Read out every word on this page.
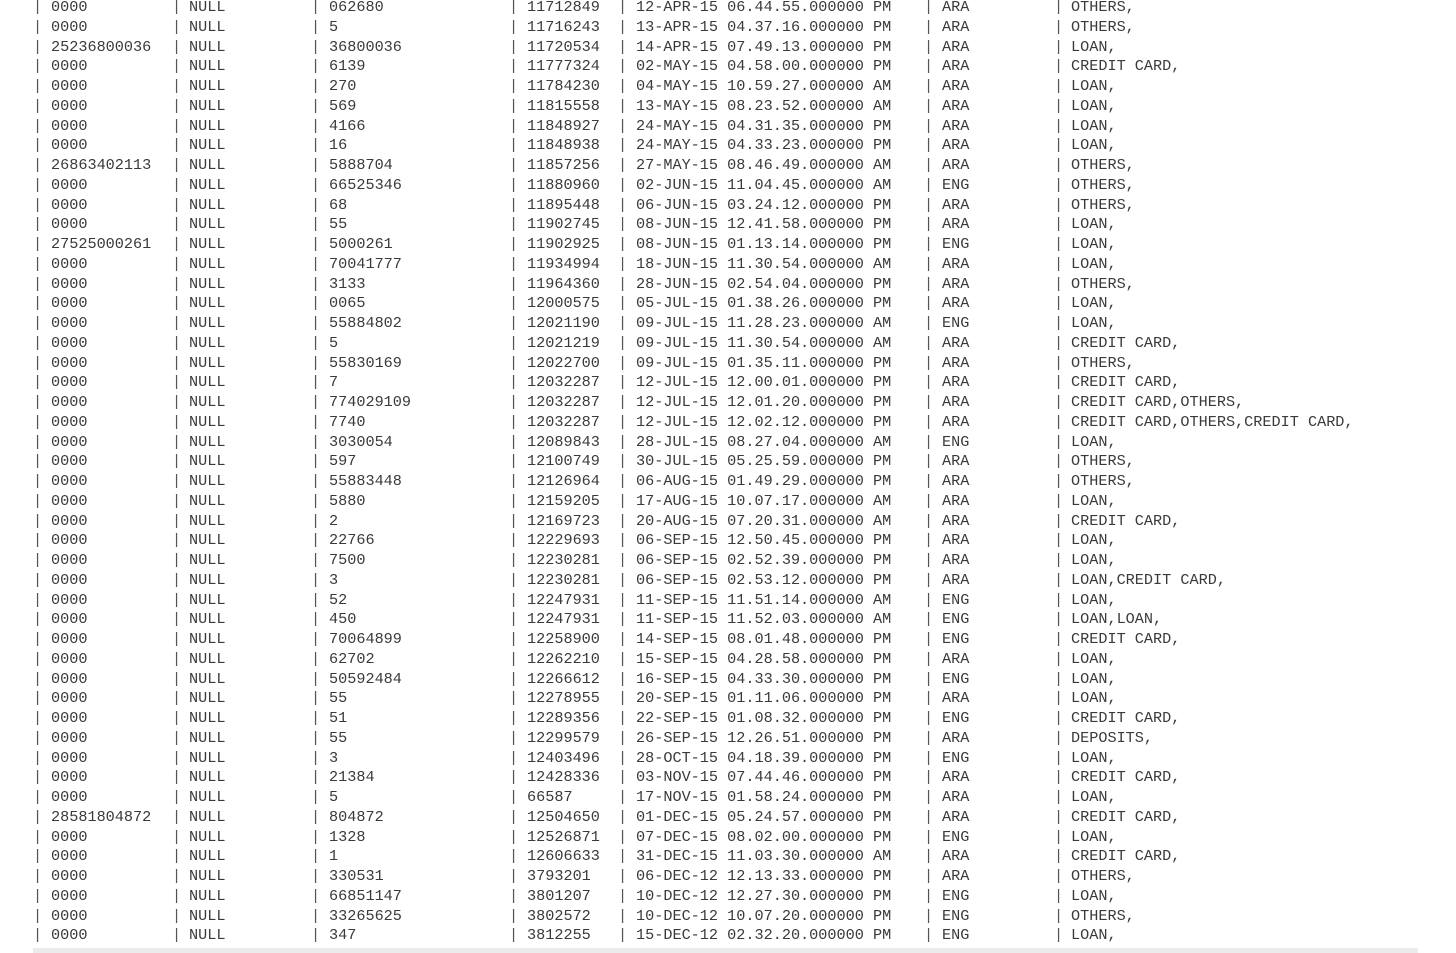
| 0000	| NULL	| 062680	| 11712849 | 12-APR-15 06.44.55.000000 PM | ARA	| OTHERS,
| 0000	| NULL	| 5	| 11716243 | 13-APR-15 04.37.16.000000 PM | ARA	| OTHERS,
| 25236800036 | NULL	| 36800036	| 11720534 | 14-APR-15 07.49.13.000000 PM | ARA	| LOAN,
| 0000	| NULL	| 6139	| 11777324 | 02-MAY-15 04.58.00.000000 PM | ARA	| CREDIT CARD,
| 0000	| NULL	| 270	| 11784230 | 04-MAY-15 10.59.27.000000 AM | ARA	| LOAN,
| 0000	| NULL	| 569	| 11815558 | 13-MAY-15 08.23.52.000000 AM | ARA	| LOAN,
| 0000	| NULL	| 4166	| 11848927 | 24-MAY-15 04.31.35.000000 PM | ARA	| LOAN,
| 0000	| NULL	| 16	| 11848938 | 24-MAY-15 04.33.23.000000 PM | ARA	| LOAN,
| 26863402113 | NULL	| 5888704	| 11857256 | 27-MAY-15 08.46.49.000000 AM | ARA	| OTHERS,
| 0000	| NULL	| 66525346	| 11880960 | 02-JUN-15 11.04.45.000000 AM | ENG	| OTHERS,
| 0000	| NULL	| 68	| 11895448 | 06-JUN-15 03.24.12.000000 PM | ARA	| OTHERS,
| 0000	| NULL	| 55	| 11902745 | 08-JUN-15 12.41.58.000000 PM | ARA	| LOAN,
| 27525000261 | NULL	| 5000261	| 11902925 | 08-JUN-15 01.13.14.000000 PM | ENG	| LOAN,
| 0000	| NULL	| 70041777	| 11934994 | 18-JUN-15 11.30.54.000000 AM | ARA	| LOAN,
| 0000	| NULL	| 3133	| 11964360 | 28-JUN-15 02.54.04.000000 PM | ARA	| OTHERS,
| 0000	| NULL	| 0065	| 12000575 | 05-JUL-15 01.38.26.000000 PM | ARA	| LOAN,
| 0000	| NULL	| 55884802	| 12021190 | 09-JUL-15 11.28.23.000000 AM | ENG	| LOAN,
| 0000	| NULL	| 5	| 12021219 | 09-JUL-15 11.30.54.000000 AM | ARA	| CREDIT CARD,
| 0000	| NULL	| 55830169	| 12022700 | 09-JUL-15 01.35.11.000000 PM | ARA	| OTHERS,
| 0000	| NULL	| 7	| 12032287 | 12-JUL-15 12.00.01.000000 PM | ARA	| CREDIT CARD,
| 0000	| NULL	| 774029109	| 12032287 | 12-JUL-15 12.01.20.000000 PM | ARA	| CREDIT CARD,OTHERS,
| 0000	| NULL	| 7740	| 12032287 | 12-JUL-15 12.02.12.000000 PM | ARA	| CREDIT CARD,OTHERS,CREDIT CARD,
| 0000	| NULL	| 3030054	| 12089843 | 28-JUL-15 08.27.04.000000 AM | ENG	| LOAN,
| 0000	| NULL	| 597	| 12100749 | 30-JUL-15 05.25.59.000000 PM | ARA	| OTHERS,
| 0000	| NULL	| 55883448	| 12126964 | 06-AUG-15 01.49.29.000000 PM | ARA	| OTHERS,
| 0000	| NULL	| 5880	| 12159205 | 17-AUG-15 10.07.17.000000 AM | ARA	| LOAN,
| 0000	| NULL	| 2	| 12169723 | 20-AUG-15 07.20.31.000000 AM | ARA	| CREDIT CARD,
| 0000	| NULL	| 22766	| 12229693 | 06-SEP-15 12.50.45.000000 PM | ARA	| LOAN,
| 0000	| NULL	| 7500	| 12230281 | 06-SEP-15 02.52.39.000000 PM | ARA	| LOAN,
| 0000	| NULL	| 3	| 12230281 | 06-SEP-15 02.53.12.000000 PM | ARA	| LOAN,CREDIT CARD,
| 0000	| NULL	| 52	| 12247931 | 11-SEP-15 11.51.14.000000 AM | ENG	| LOAN,
| 0000	| NULL	| 450	| 12247931 | 11-SEP-15 11.52.03.000000 AM | ENG	| LOAN,LOAN,
| 0000	| NULL	| 70064899	| 12258900 | 14-SEP-15 08.01.48.000000 PM | ENG	| CREDIT CARD,
| 0000	| NULL	| 62702	| 12262210 | 15-SEP-15 04.28.58.000000 PM | ARA	| LOAN,
| 0000	| NULL	| 50592484	| 12266612 | 16-SEP-15 04.33.30.000000 PM | ENG	| LOAN,
| 0000	| NULL	| 55	| 12278955 | 20-SEP-15 01.11.06.000000 PM | ARA	| LOAN,
| 0000	| NULL	| 51	| 12289356 | 22-SEP-15 01.08.32.000000 PM | ENG	| CREDIT CARD,
| 0000	| NULL	| 55	| 12299579 | 26-SEP-15 12.26.51.000000 PM | ARA	| DEPOSITS,
| 0000	| NULL	| 3	| 12403496 | 28-OCT-15 04.18.39.000000 PM | ENG	| LOAN,
| 0000	| NULL	| 21384	| 12428336 | 03-NOV-15 07.44.46.000000 PM | ARA	| CREDIT CARD,
| 0000	| NULL	| 5	| 66587	| 17-NOV-15 01.58.24.000000 PM | ARA	| LOAN,
| 28581804872 | NULL	| 804872	| 12504650 | 01-DEC-15 05.24.57.000000 PM | ARA	| CREDIT CARD,
| 0000	| NULL	| 1328	| 12526871 | 07-DEC-15 08.02.00.000000 PM | ENG	| LOAN,
| 0000	| NULL	| 1	| 12606633 | 31-DEC-15 11.03.30.000000 AM | ARA	| CREDIT CARD,
| 0000	| NULL	| 330531	| 3793201 | 06-DEC-12 12.13.33.000000 PM | ARA	| OTHERS,
| 0000	| NULL	| 66851147	| 3801207 | 10-DEC-12 12.27.30.000000 PM | ENG	| LOAN,
| 0000	| NULL	| 33265625	| 3802572 | 10-DEC-12 10.07.20.000000 PM | ENG	| OTHERS,
| 0000	| NULL	| 347	| 3812255 | 15-DEC-12 02.32.20.000000 PM | ENG	| LOAN,
